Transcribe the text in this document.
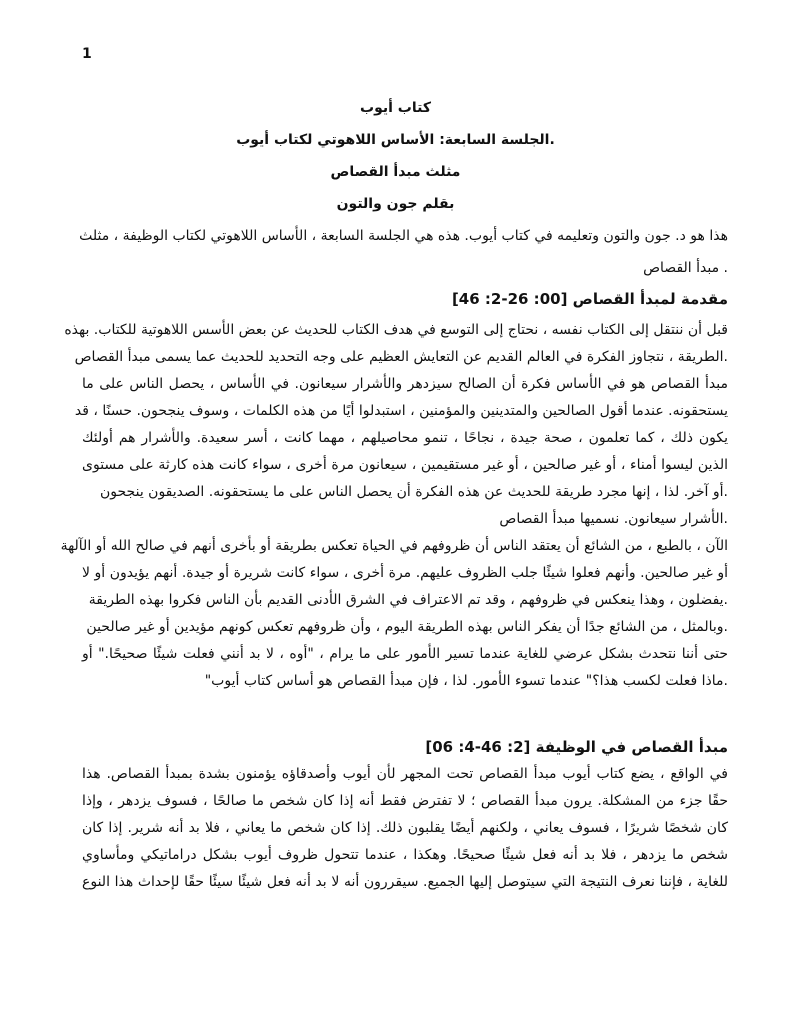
1
كتاب أيوب
.الجلسة السابعة: الأساس اللاهوتي لكتاب أيوب
مثلث مبدأ القصاص
بقلم جون والتون
هذا هو د. جون والتون وتعليمه في كتاب أيوب. هذه هي الجلسة السابعة ، الأساس اللاهوتي لكتاب الوظيفة ، مثلث
. مبدأ القصاص
مقدمة لمبدأ القصاص [00: 26-2: 46]
قبل أن ننتقل إلى الكتاب نفسه ، نحتاج إلى التوسع في هدف الكتاب للحديث عن بعض الأسس اللاهوتية للكتاب. بهذه
.الطريقة ، نتجاوز الفكرة في العالم القديم عن التعايش العظيم على وجه التحديد للحديث عما يسمى مبدأ القصاص
مبدأ القصاص هو في الأساس فكرة أن الصالح سيزدهر والأشرار سيعانون. في الأساس ، يحصل الناس على ما
يستحقونه. عندما أقول الصالحين والمتدينين والمؤمنين ، استبدلوا أيًا من هذه الكلمات ، وسوف ينجحون. حسنًا ، قد
يكون ذلك ، كما تعلمون ، صحة جيدة ، نجاحًا ، تنمو محاصيلهم ، مهما كانت ، أسر سعيدة. والأشرار هم أولئك
الذين ليسوا أمناء ، أو غير صالحين ، أو غير مستقيمين ، سيعانون مرة أخرى ، سواء كانت هذه كارثة على مستوى
.أو آخر. لذا ، إنها مجرد طريقة للحديث عن هذه الفكرة أن يحصل الناس على ما يستحقونه. الصديقون ينجحون
.الأشرار سيعانون. نسميها مبدأ القصاص
الآن ، بالطبع ، من الشائع أن يعتقد الناس أن ظروفهم في الحياة تعكس بطريقة أو بأخرى أنهم في صالح الله أو الآلهة
أو غير صالحين. وأنهم فعلوا شيئًا جلب الظروف عليهم. مرة أخرى ، سواء كانت شريرة أو جيدة. أنهم يؤيدون أو لا
.يفضلون ، وهذا ينعكس في ظروفهم ، وقد تم الاعتراف في الشرق الأدنى القديم بأن الناس فكروا بهذه الطريقة
.وبالمثل ، من الشائع جدًا أن يفكر الناس بهذه الطريقة اليوم ، وأن ظروفهم تعكس كونهم مؤيدين أو غير صالحين
حتى أننا نتحدث بشكل عرضي للغاية عندما تسير الأمور على ما يرام ، "أوه ، لا بد أنني فعلت شيئًا صحيحًا." أو
.ماذا فعلت لكسب هذا؟" عندما تسوء الأمور. لذا ، فإن مبدأ القصاص هو أساس كتاب أيوب"
مبدأ القصاص في الوظيفة [2: 46-4: 06]
في الواقع ، يضع كتاب أيوب مبدأ القصاص تحت المجهر لأن أيوب وأصدقاؤه يؤمنون بشدة بمبدأ القصاص. هذا
حقًا جزء من المشكلة. يرون مبدأ القصاص ؛ لا تفترض فقط أنه إذا كان شخص ما صالحًا ، فسوف يزدهر ، وإذا
كان شخصًا شريرًا ، فسوف يعاني ، ولكنهم أيضًا يقلبون ذلك. إذا كان شخص ما يعاني ، فلا بد أنه شرير. إذا كان
شخص ما يزدهر ، فلا بد أنه فعل شيئًا صحيحًا. وهكذا ، عندما تتحول ظروف أيوب بشكل دراماتيكي ومأساوي
للغاية ، فإننا نعرف النتيجة التي سيتوصل إليها الجميع. سيقررون أنه لا بد أنه فعل شيئًا سيئًا حقًا لإحداث هذا النوع
